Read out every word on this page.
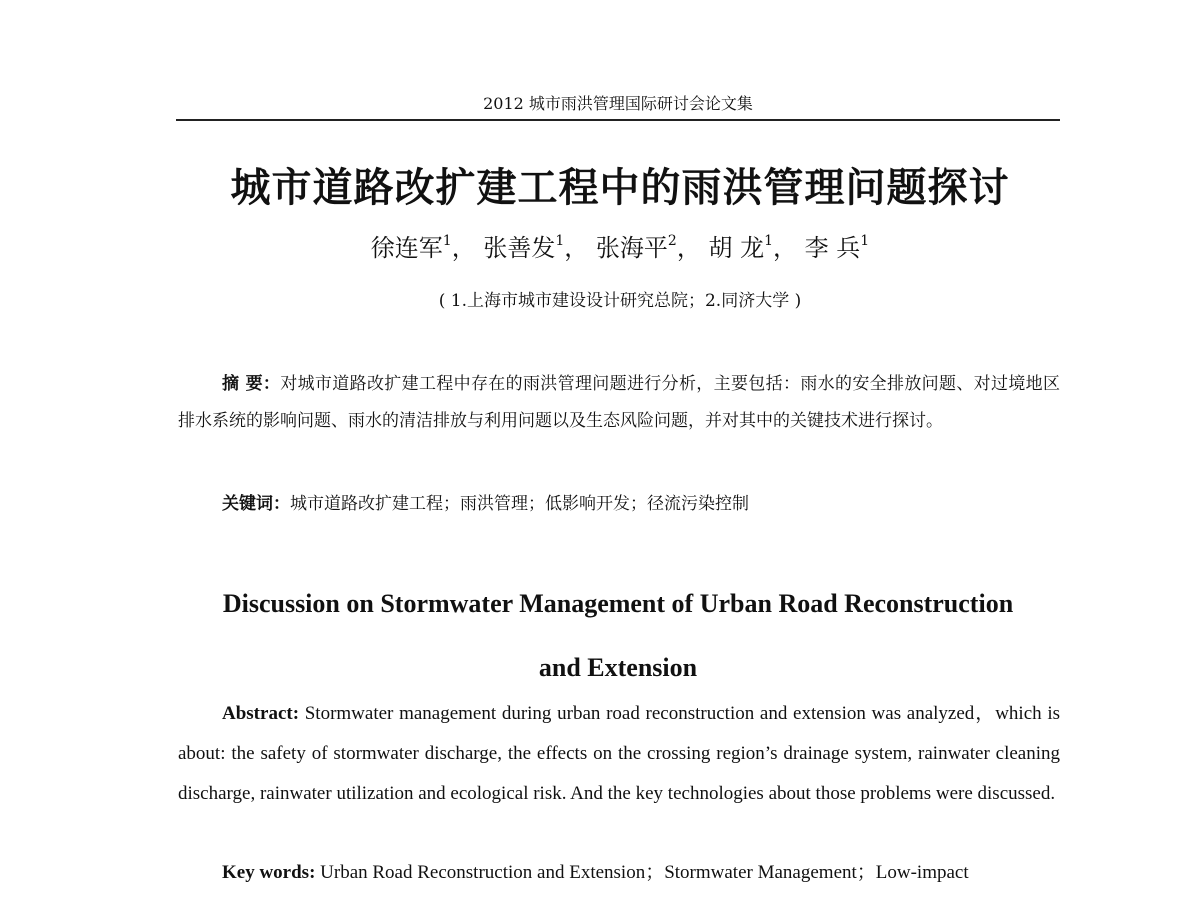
2012 城市雨洪管理国际研讨会论文集
城市道路改扩建工程中的雨洪管理问题探讨
徐连军$^1$， 张善发$^1$， 张海平$^2$， 胡 龙$^1$， 李 兵$^1$
( 1.上海市城市建设设计研究总院；2.同济大学 )
摘 要：对城市道路改扩建工程中存在的雨洪管理问题进行分析，主要包括：雨水的安全排放问题、对过境地区排水系统的影响问题、雨水的清洁排放与利用问题以及生态风险问题，并对其中的关键技术进行探讨。
关键词：城市道路改扩建工程；雨洪管理；低影响开发；径流污染控制
Discussion on Stormwater Management of Urban Road Reconstruction
and Extension
Abstract: Stormwater management during urban road reconstruction and extension was analyzed，which is about: the safety of stormwater discharge, the effects on the crossing region’s drainage system, rainwater cleaning discharge, rainwater utilization and ecological risk. And the key technologies about those problems were discussed.
Key words: Urban Road Reconstruction and Extension；Stormwater Management；Low-impact
